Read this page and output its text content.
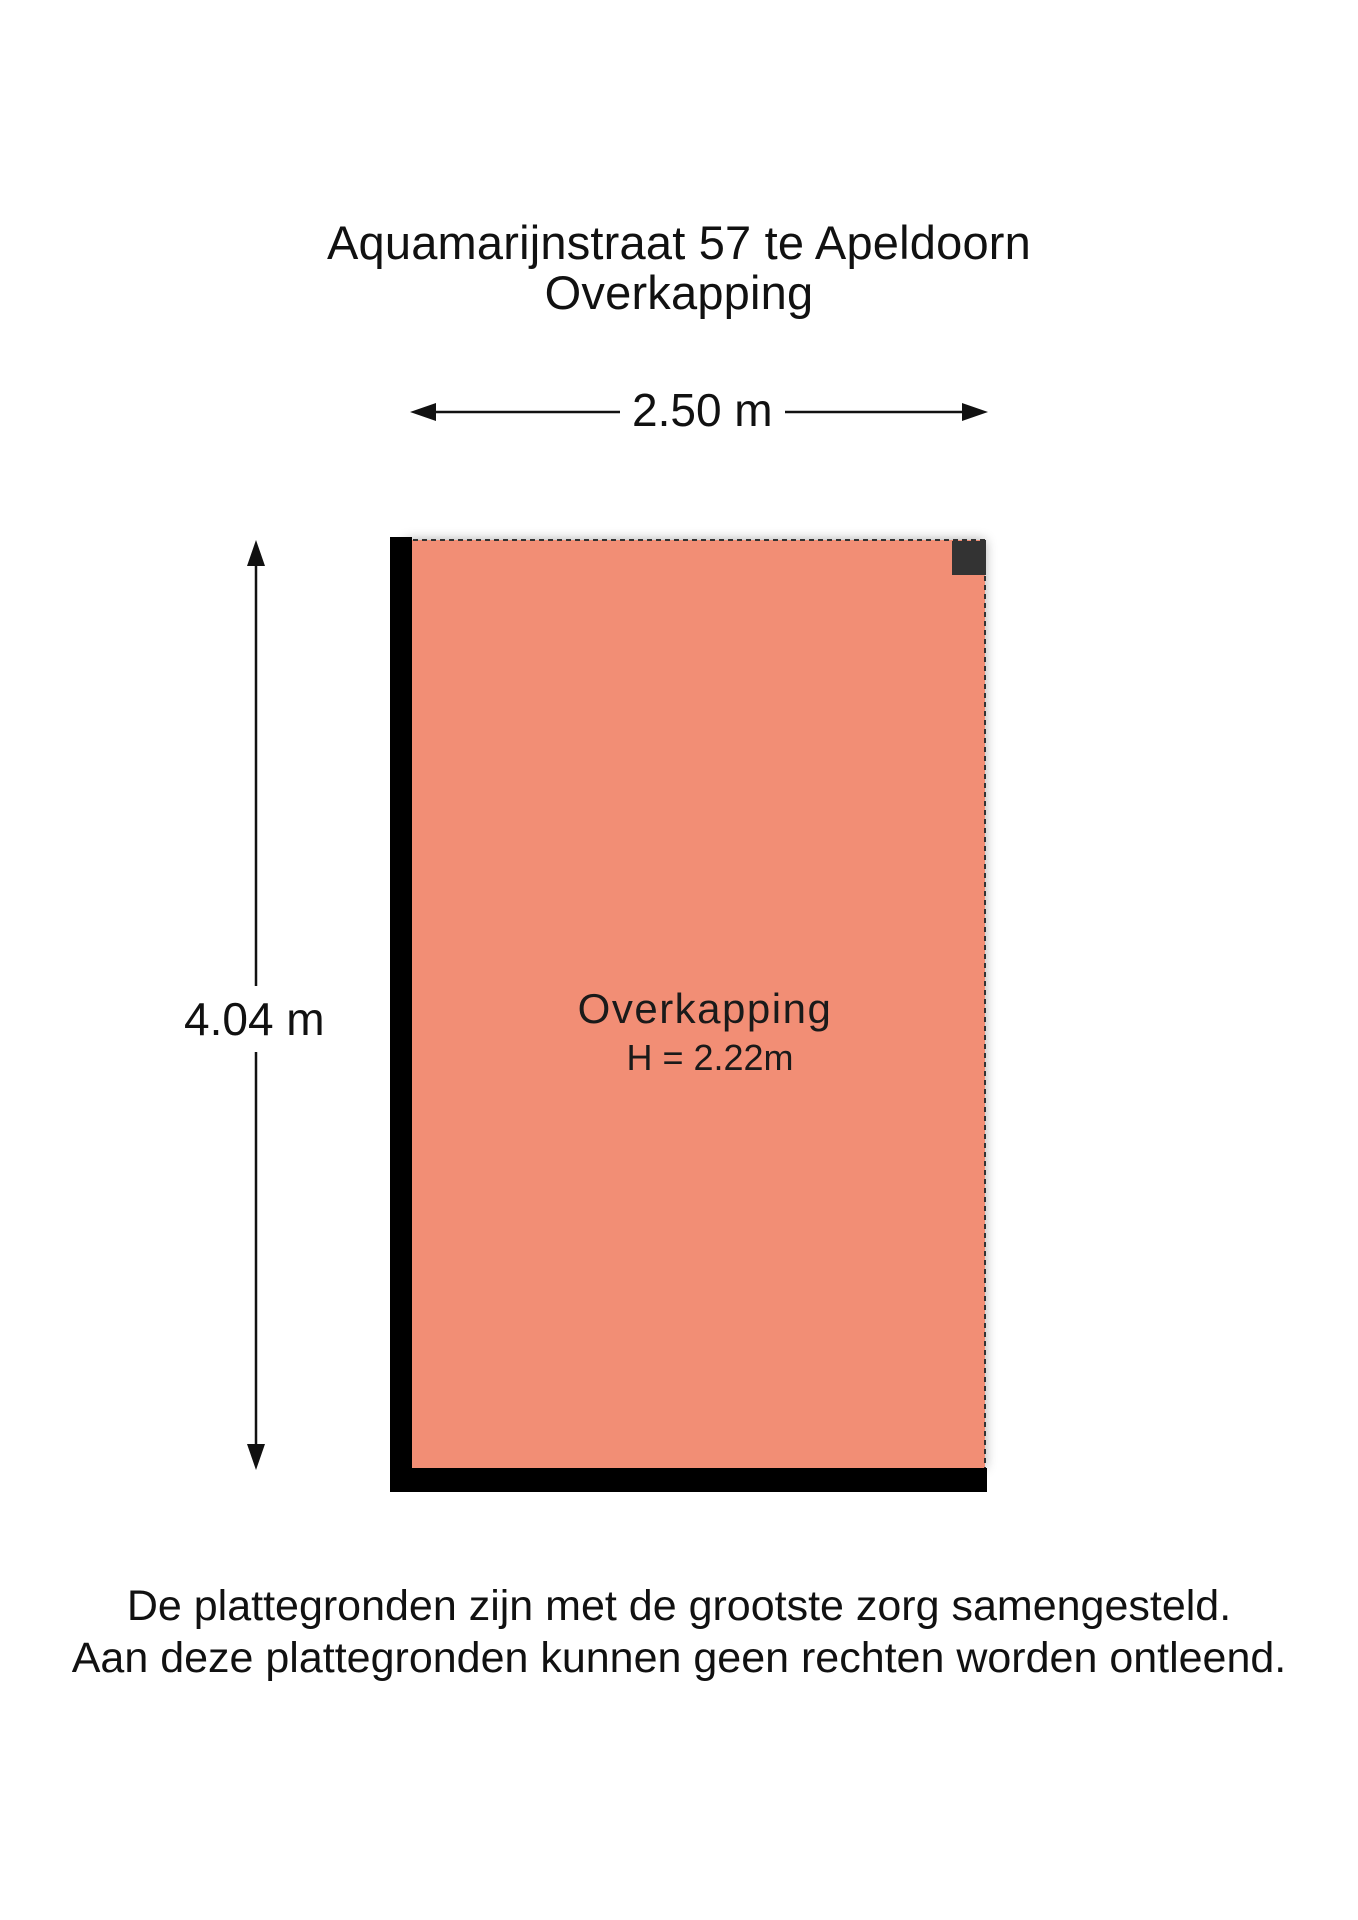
Aquamarijnstraat 57 te Apeldoorn
Overkapping
2.50 m
4.04 m	Overkapping
H = 2.22m
De plattegronden zijn met de grootste zorg samengesteld.
Aan deze plattegronden kunnen geen rechten worden ontleend.
